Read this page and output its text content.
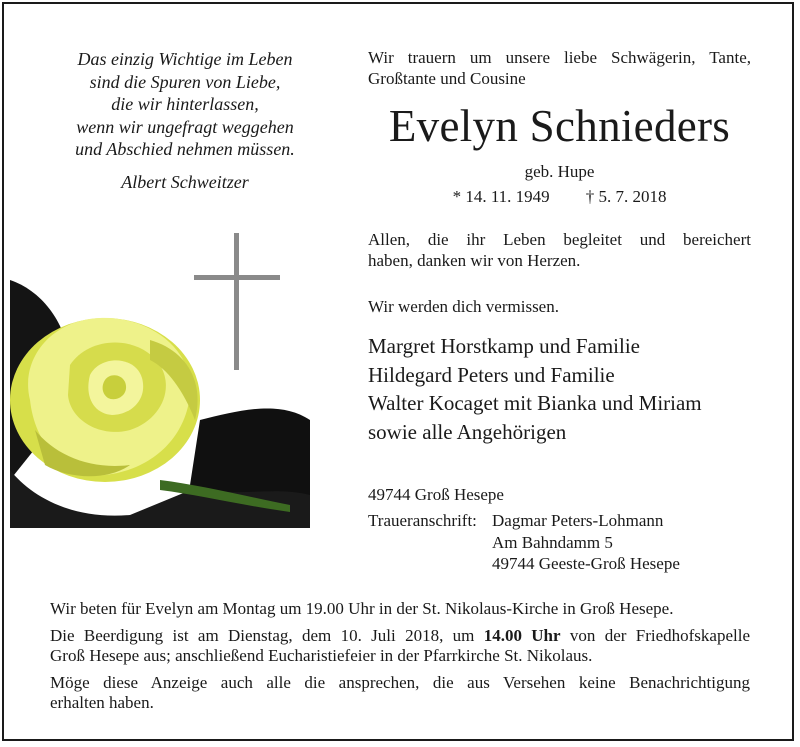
Das einzig Wichtige im Leben
sind die Spuren von Liebe,
die wir hinterlassen,
wenn wir ungefragt weggehen
und Abschied nehmen müssen.
Albert Schweitzer
Wir trauern um unsere liebe Schwägerin, Tante,
Großtante und Cousine
Evelyn Schnieders
geb. Hupe
* 14. 11. 1949 † 5. 7. 2018
Allen, die ihr Leben begleitet und bereichert
haben, danken wir von Herzen.
Wir werden dich vermissen.
Margret Horstkamp und Familie
Hildegard Peters und Familie
Walter Kocaget mit Bianka und Miriam
sowie alle Angehörigen
49744 Groß Hesepe
Traueranschrift: Dagmar Peters-Lohmann
Am Bahndamm 5
49744 Geeste-Groß Hesepe

Wir beten für Evelyn am Montag um 19.00 Uhr in der St. Nikolaus-Kirche in Groß Hesepe.

Die Beerdigung ist am Dienstag, dem 10. Juli 2018, um 14.00 Uhr von der Friedhofskapelle
Groß Hesepe aus; anschließend Eucharistiefeier in der Pfarrkirche St. Nikolaus.

Möge diese Anzeige auch alle die ansprechen, die aus Versehen keine Benachrichtigung
erhalten haben.
